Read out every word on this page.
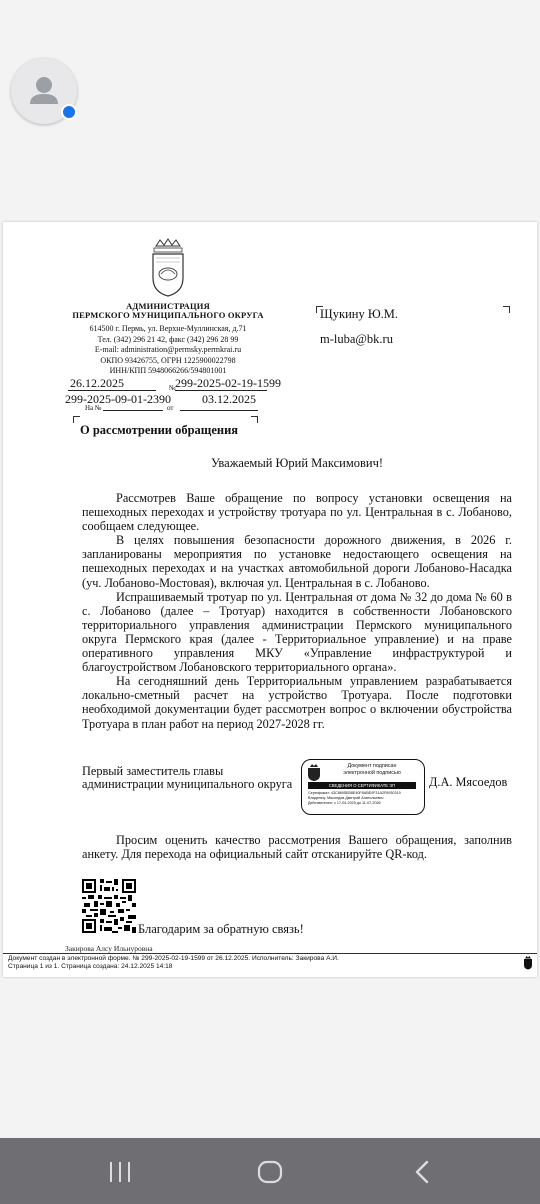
АДМИНИСТРАЦИЯ
ПЕРМСКОГО МУНИЦИПАЛЬНОГО ОКРУГА
614500 г. Пермь, ул. Верхне-Муллинская, д.71
Тел. (342) 296 21 42, факс (342) 296 28 99
E-mail: administration@permsky.permkrai.ru
ОКПО 93426755, ОГРН 1225900022798
ИНН/КПП 5948066266/594801001
Щукину Ю.М.
m-luba@bk.ru
26.12.2025	№ 299-2025-02-19-1599
299-2025-09-01-2390	03.12.2025
На №	от
О рассмотрении обращения
Уважаемый Юрий Максимович!

Рассмотрев Ваше обращение по вопросу установки освещения на пешеходных переходах и устройству тротуара по ул. Центральная в с. Лобаново, сообщаем следующее.

В целях повышения безопасности дорожного движения, в 2026 г. запланированы мероприятия по установке недостающего освещения на пешеходных переходах и на участках автомобильной дороги Лобаново-Насадка (уч. Лобаново-Мостовая), включая ул. Центральная в с. Лобаново.

Испрашиваемый тротуар по ул. Центральная от дома № 32 до дома № 60 в с. Лобаново (далее – Тротуар) находится в собственности Лобановского территориального управления администрации Пермского муниципального округа Пермского края (далее - Территориальное управление) и на праве оперативного управления МКУ «Управление инфраструктурой и благоустройством Лобановского территориального органа».

На сегодняшний день Территориальным управлением разрабатывается локально-сметный расчет на устройство Тротуара. После подготовки необходимой документации будет рассмотрен вопрос о включении обустройства Тротуара в план работ на период 2027-2028 гг.

Первый заместитель главы
администрации муниципального округа
Документ подписан
электронной подписью
СВЕДЕНИЯ О СЕРТИФИКАТЕ ЭП
Сертификат: 43C8695EB8E40F8ABE0F31A2F8930319
Владелец: Мясоедов Дмитрий Анатольевич
Действителен: с 17-04-2025 до 11-07-2026
Д.А. Мясоедов

Просим оценить качество рассмотрения Вашего обращения, заполнив анкету. Для перехода на официальный сайт отсканируйте QR-код.

Благодарим за обратную связь!
Закирова Алсу Ильнуровна
Документ создан в электронной форме. № 299-2025-02-19-1599 от 26.12.2025. Исполнитель: Закирова А.И.
Страница 1 из 1. Страница создана: 24.12.2025 14:18
